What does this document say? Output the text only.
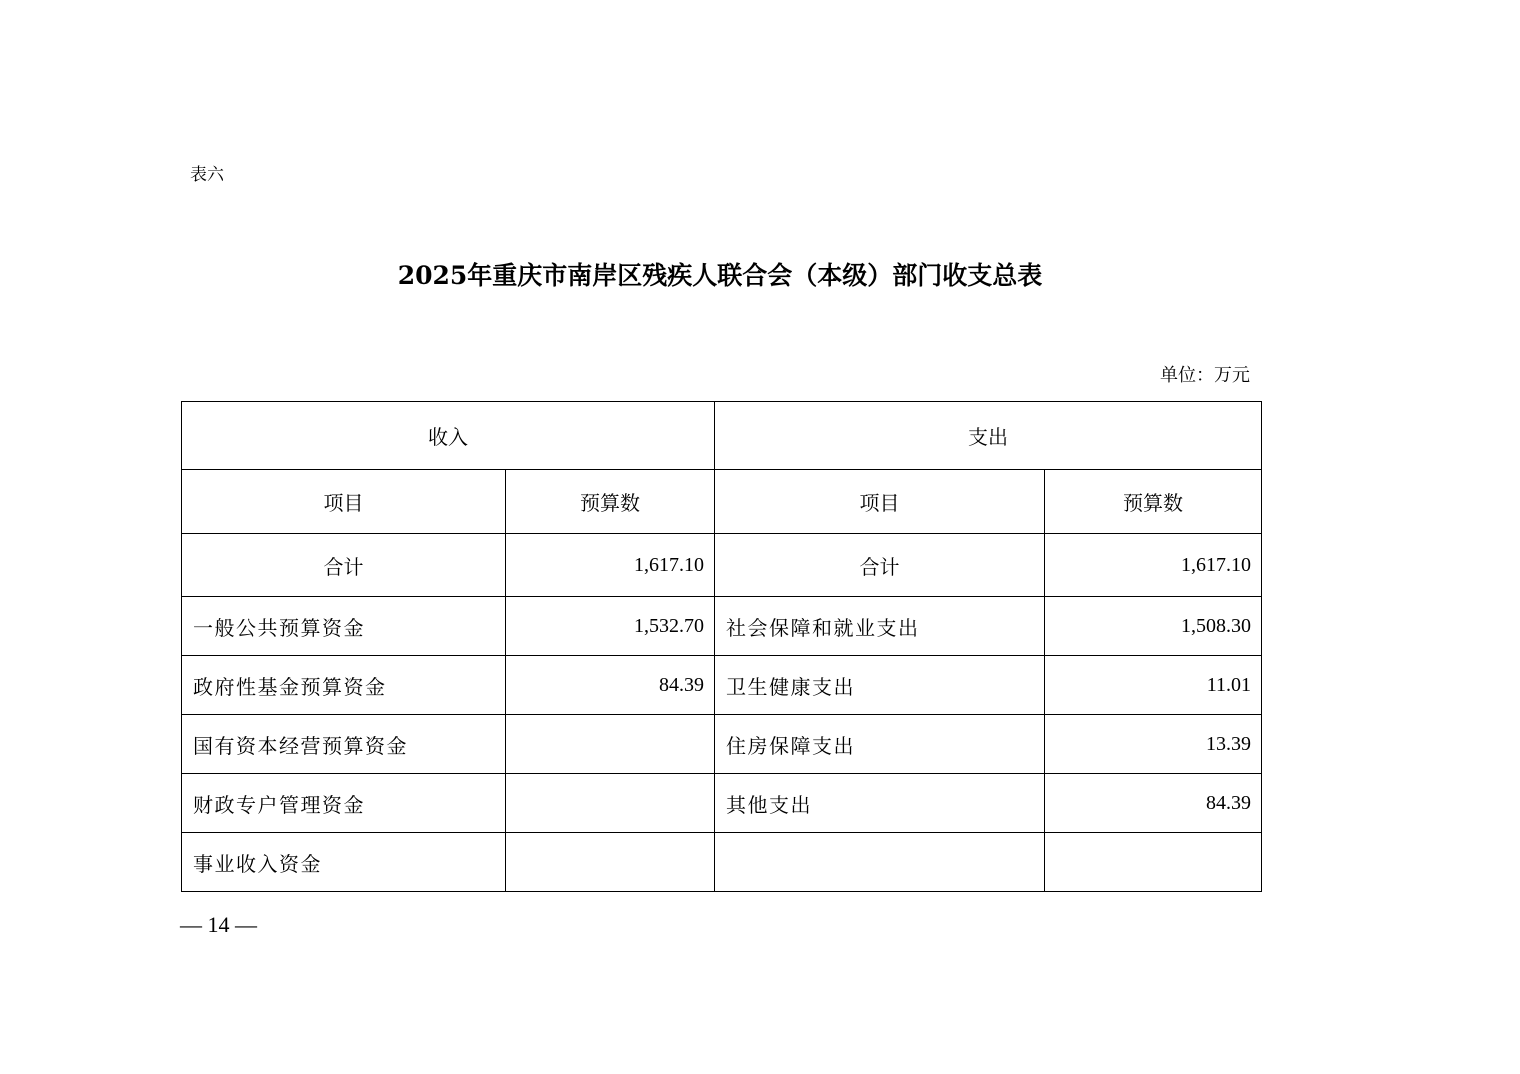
表六
2025年重庆市南岸区残疾人联合会（本级）部门收支总表
单位：万元
收入		支出	
项目	预算数	项目	预算数
合计	1,617.10	合计	1,617.10
一般公共预算资金	1,532.70	社会保障和就业支出	1,508.30
政府性基金预算资金	84.39	卫生健康支出	11.01
国有资本经营预算资金		住房保障支出	13.39
财政专户管理资金		其他支出	84.39
事业收入资金			
— 14 —
